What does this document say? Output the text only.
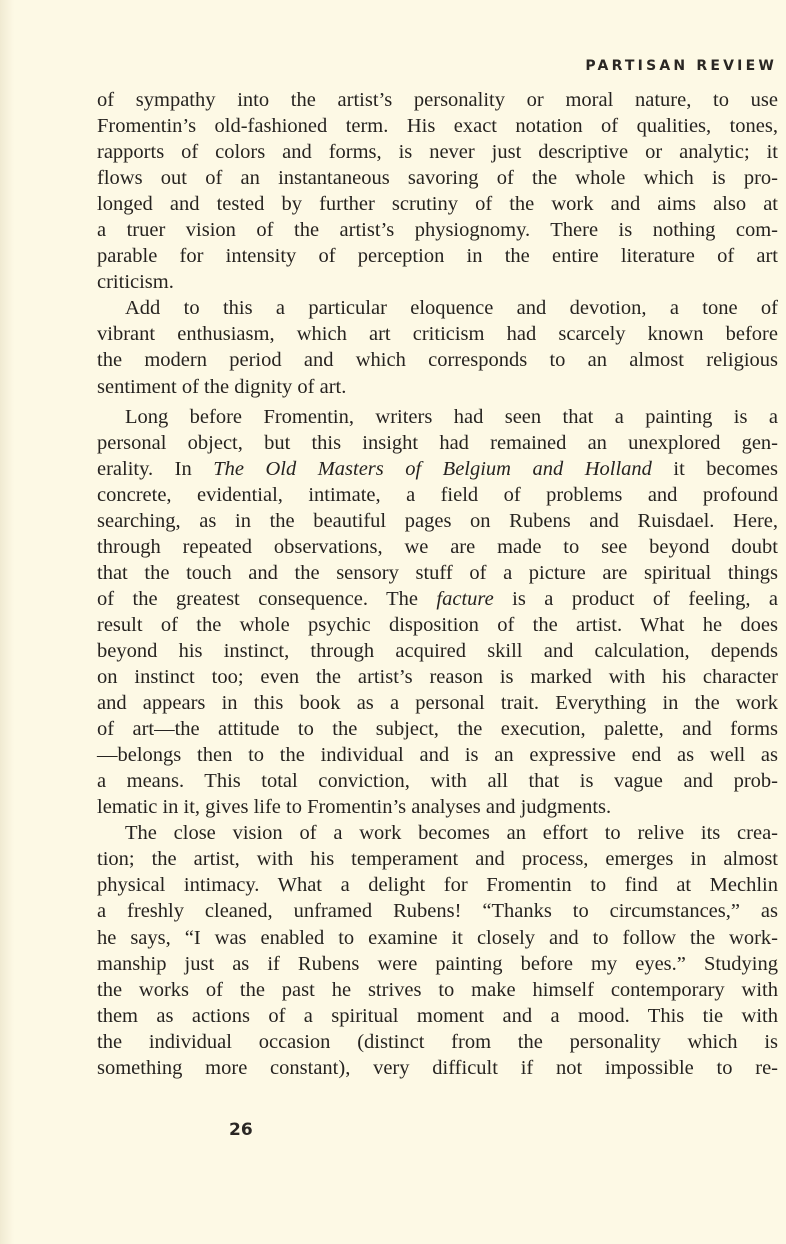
PARTISAN REVIEW
of sympathy into the artist’s personality or moral nature, to use
Fromentin’s old-fashioned term. His exact notation of qualities, tones,
rapports of colors and forms, is never just descriptive or analytic; it
flows out of an instantaneous savoring of the whole which is pro-
longed and tested by further scrutiny of the work and aims also at
a truer vision of the artist’s physiognomy. There is nothing com-
parable for intensity of perception in the entire literature of art
criticism.
Add to this a particular eloquence and devotion, a tone of
vibrant enthusiasm, which art criticism had scarcely known before
the modern period and which corresponds to an almost religious
sentiment of the dignity of art.
Long before Fromentin, writers had seen that a painting is a
personal object, but this insight had remained an unexplored gen-
erality. In The Old Masters of Belgium and Holland it becomes
concrete, evidential, intimate, a field of problems and profound
searching, as in the beautiful pages on Rubens and Ruisdael. Here,
through repeated observations, we are made to see beyond doubt
that the touch and the sensory stuff of a picture are spiritual things
of the greatest consequence. The facture is a product of feeling, a
result of the whole psychic disposition of the artist. What he does
beyond his instinct, through acquired skill and calculation, depends
on instinct too; even the artist’s reason is marked with his character
and appears in this book as a personal trait. Everything in the work
of art—the attitude to the subject, the execution, palette, and forms
—belongs then to the individual and is an expressive end as well as
a means. This total conviction, with all that is vague and prob-
lematic in it, gives life to Fromentin’s analyses and judgments.
The close vision of a work becomes an effort to relive its crea-
tion; the artist, with his temperament and process, emerges in almost
physical intimacy. What a delight for Fromentin to find at Mechlin
a freshly cleaned, unframed Rubens! “Thanks to circumstances,” as
he says, “I was enabled to examine it closely and to follow the work-
manship just as if Rubens were painting before my eyes.” Studying
the works of the past he strives to make himself contemporary with
them as actions of a spiritual moment and a mood. This tie with
the individual occasion (distinct from the personality which is
something more constant), very difficult if not impossible to re-
26
